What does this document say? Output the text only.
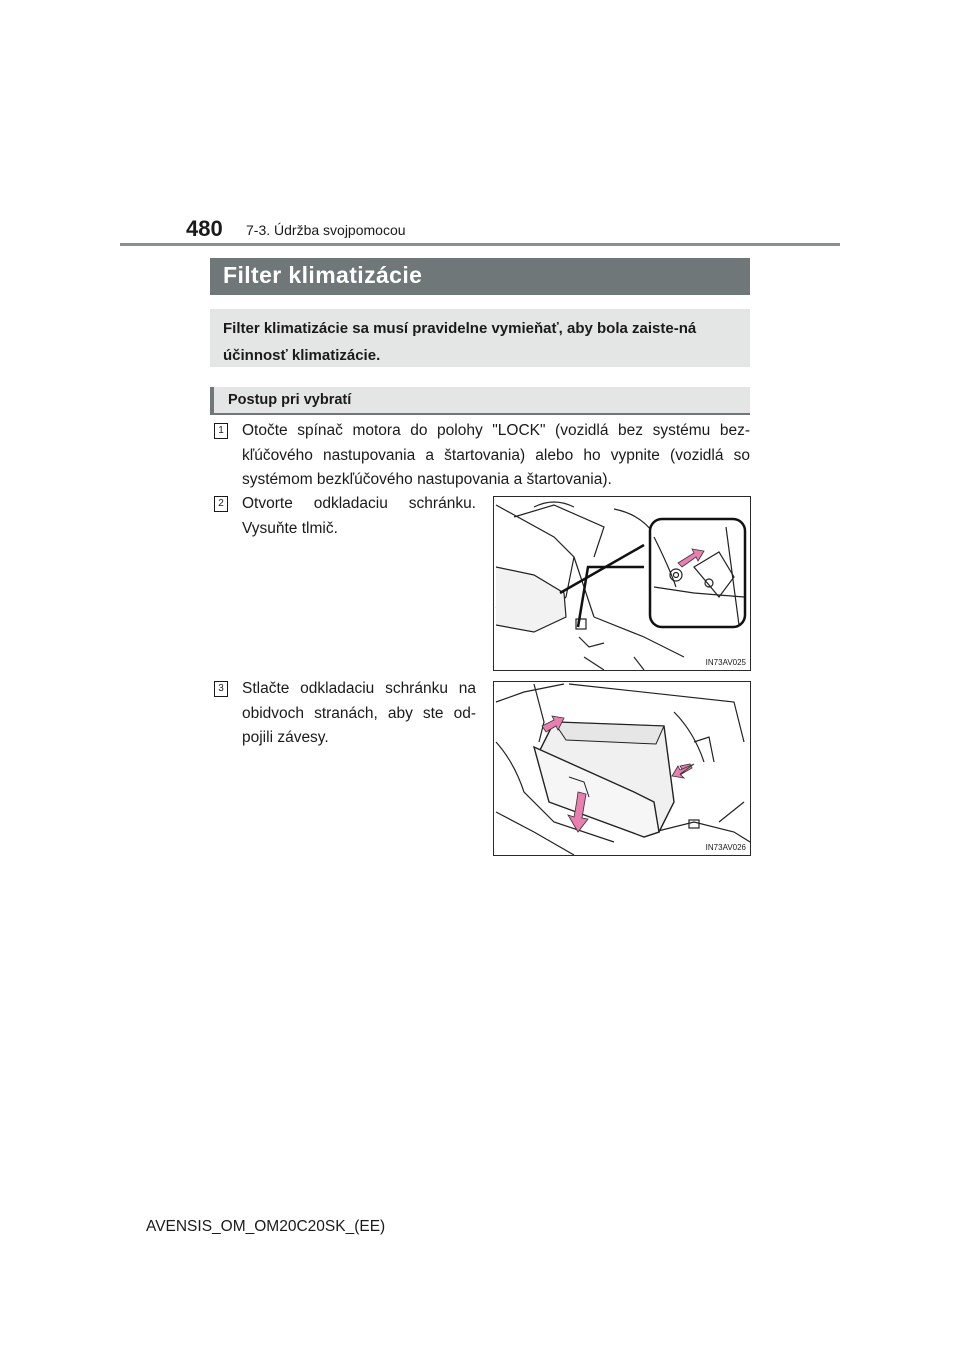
480 7-3. Údržba svojpomocou
Filter klimatizácie
Filter klimatizácie sa musí pravidelne vymieňať, aby bola zaiste-ná účinnosť klimatizácie.
Postup pri vybratí
1 Otočte spínač motora do polohy "LOCK" (vozidlá bez systému bez-kľúčového nastupovania a štartovania) alebo ho vypnite (vozidlá so systémom bezkľúčového nastupovania a štartovania).
2 Otvorte odkladaciu schránku. Vysuňte tlmič.
IN73AV025
3 Stlačte odkladaciu schránku na obidvoch stranách, aby ste od-pojili závesy.
IN73AV026
AVENSIS_OM_OM20C20SK_(EE)
